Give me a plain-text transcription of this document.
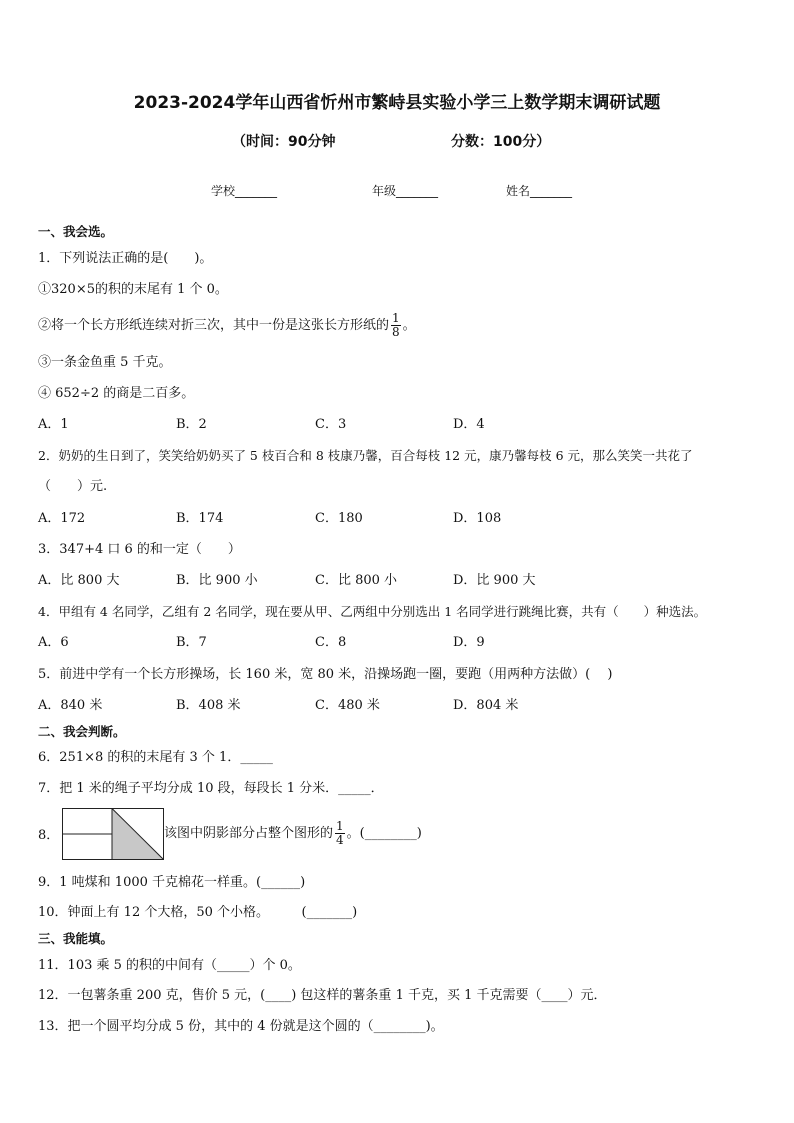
2023-2024学年山西省忻州市繁峙县实验小学三上数学期末调研试题
（时间：90分钟	分数：100分）
学校_______	年级_______	姓名_______
一、我会选。
1．下列说法正确的是(　　)。
①320×5的积的末尾有 1 个 0。
②将一个长方形纸连续对折三次，其中一份是这张长方形纸的 $\frac{1}{8}$ 。
③一条金鱼重 5 千克。
④ 652÷2 的商是二百多。
A．1	B．2	C．3	D．4
2．奶奶的生日到了，笑笑给奶奶买了 5 枝百合和 8 枝康乃馨，百合每枝 12 元，康乃馨每枝 6 元，那么笑笑一共花了
（　　）元.
A．172	B．174	C．180	D．108
3．347+4 口 6 的和一定（　　）
A．比 800 大	B．比 900 小	C．比 800 小	D．比 900 大
4．甲组有 4 名同学，乙组有 2 名同学，现在要从甲、乙两组中分别选出 1 名同学进行跳绳比赛，共有（　　）种选法。
A．6	B．7	C．8	D．9
5．前进中学有一个长方形操场，长 160 米，宽 80 米，沿操场跑一圈，要跑（用两种方法做）(　 )
A．840 米	B．408 米	C．480 米	D．804 米
二、我会判断。
6．251×8 的积的末尾有 3 个 1．_____
7．把 1 米的绳子平均分成 10 段，每段长 1 分米．_____．
8．	该图中阴影部分占整个图形的 $\frac{1}{4}$ 。(________)
9．1 吨煤和 1000 千克棉花一样重。(______)
10．钟面上有 12 个大格，50 个小格。　　　(_______)
三、我能填。
11．103 乘 5 的积的中间有（_____）个 0。
12．一包薯条重 200 克，售价 5 元，(____) 包这样的薯条重 1 千克，买 1 千克需要（____）元．
13．把一个圆平均分成 5 份，其中的 4 份就是这个圆的（________)。
